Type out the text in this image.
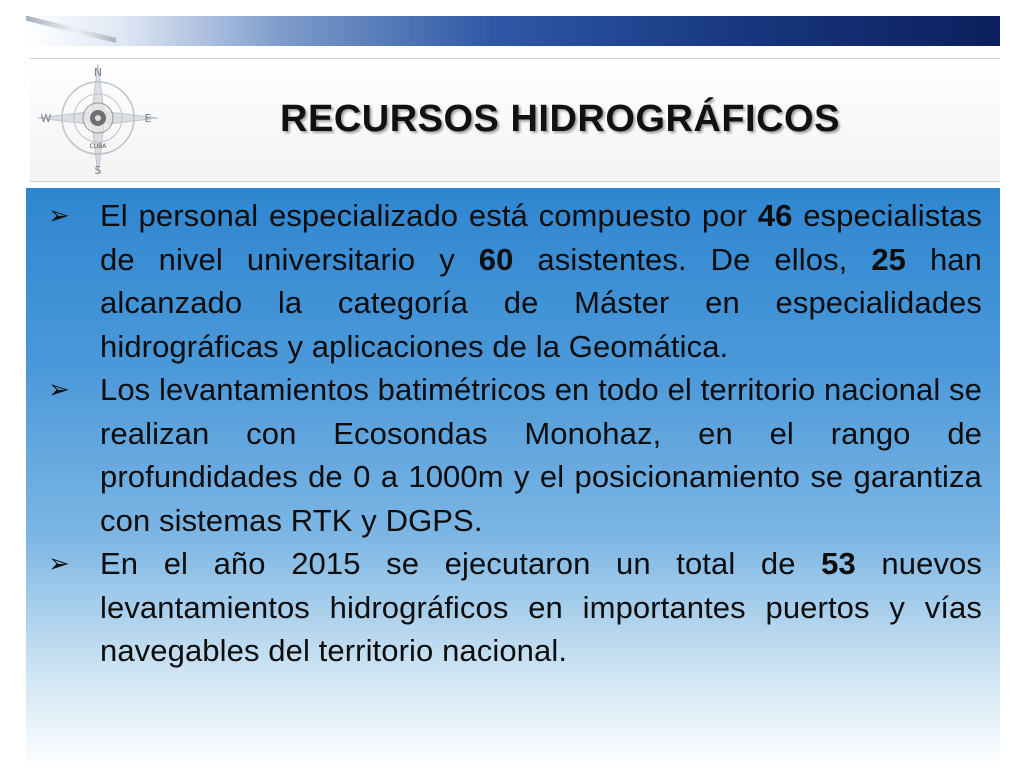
N
S
W	E
CUBA
RECURSOS HIDROGRÁFICOS
➢ El personal especializado está compuesto por 46 especialistas de nivel universitario y 60 asistentes. De ellos, 25 han alcanzado la categoría de Máster en especialidades hidrográficas y aplicaciones de la Geomática.
➢ Los levantamientos batimétricos en todo el territorio nacional se realizan con Ecosondas Monohaz, en el rango de profundidades de 0 a 1000m y el posicionamiento se garantiza con sistemas RTK y DGPS.
➢ En el año 2015 se ejecutaron un total de 53 nuevos levantamientos hidrográficos en importantes puertos y vías navegables del territorio nacional.
